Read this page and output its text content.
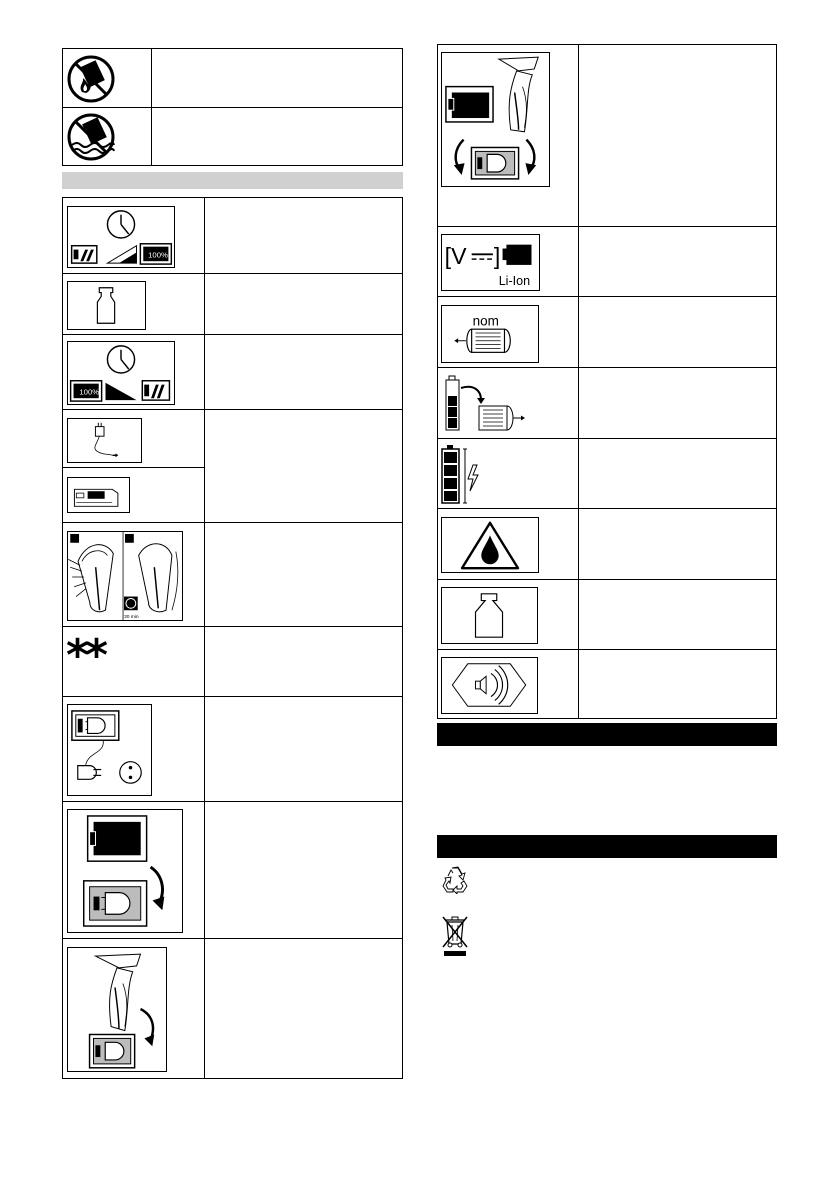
100%
100%
30 min
**
[V ]
Li-Ion
nom
